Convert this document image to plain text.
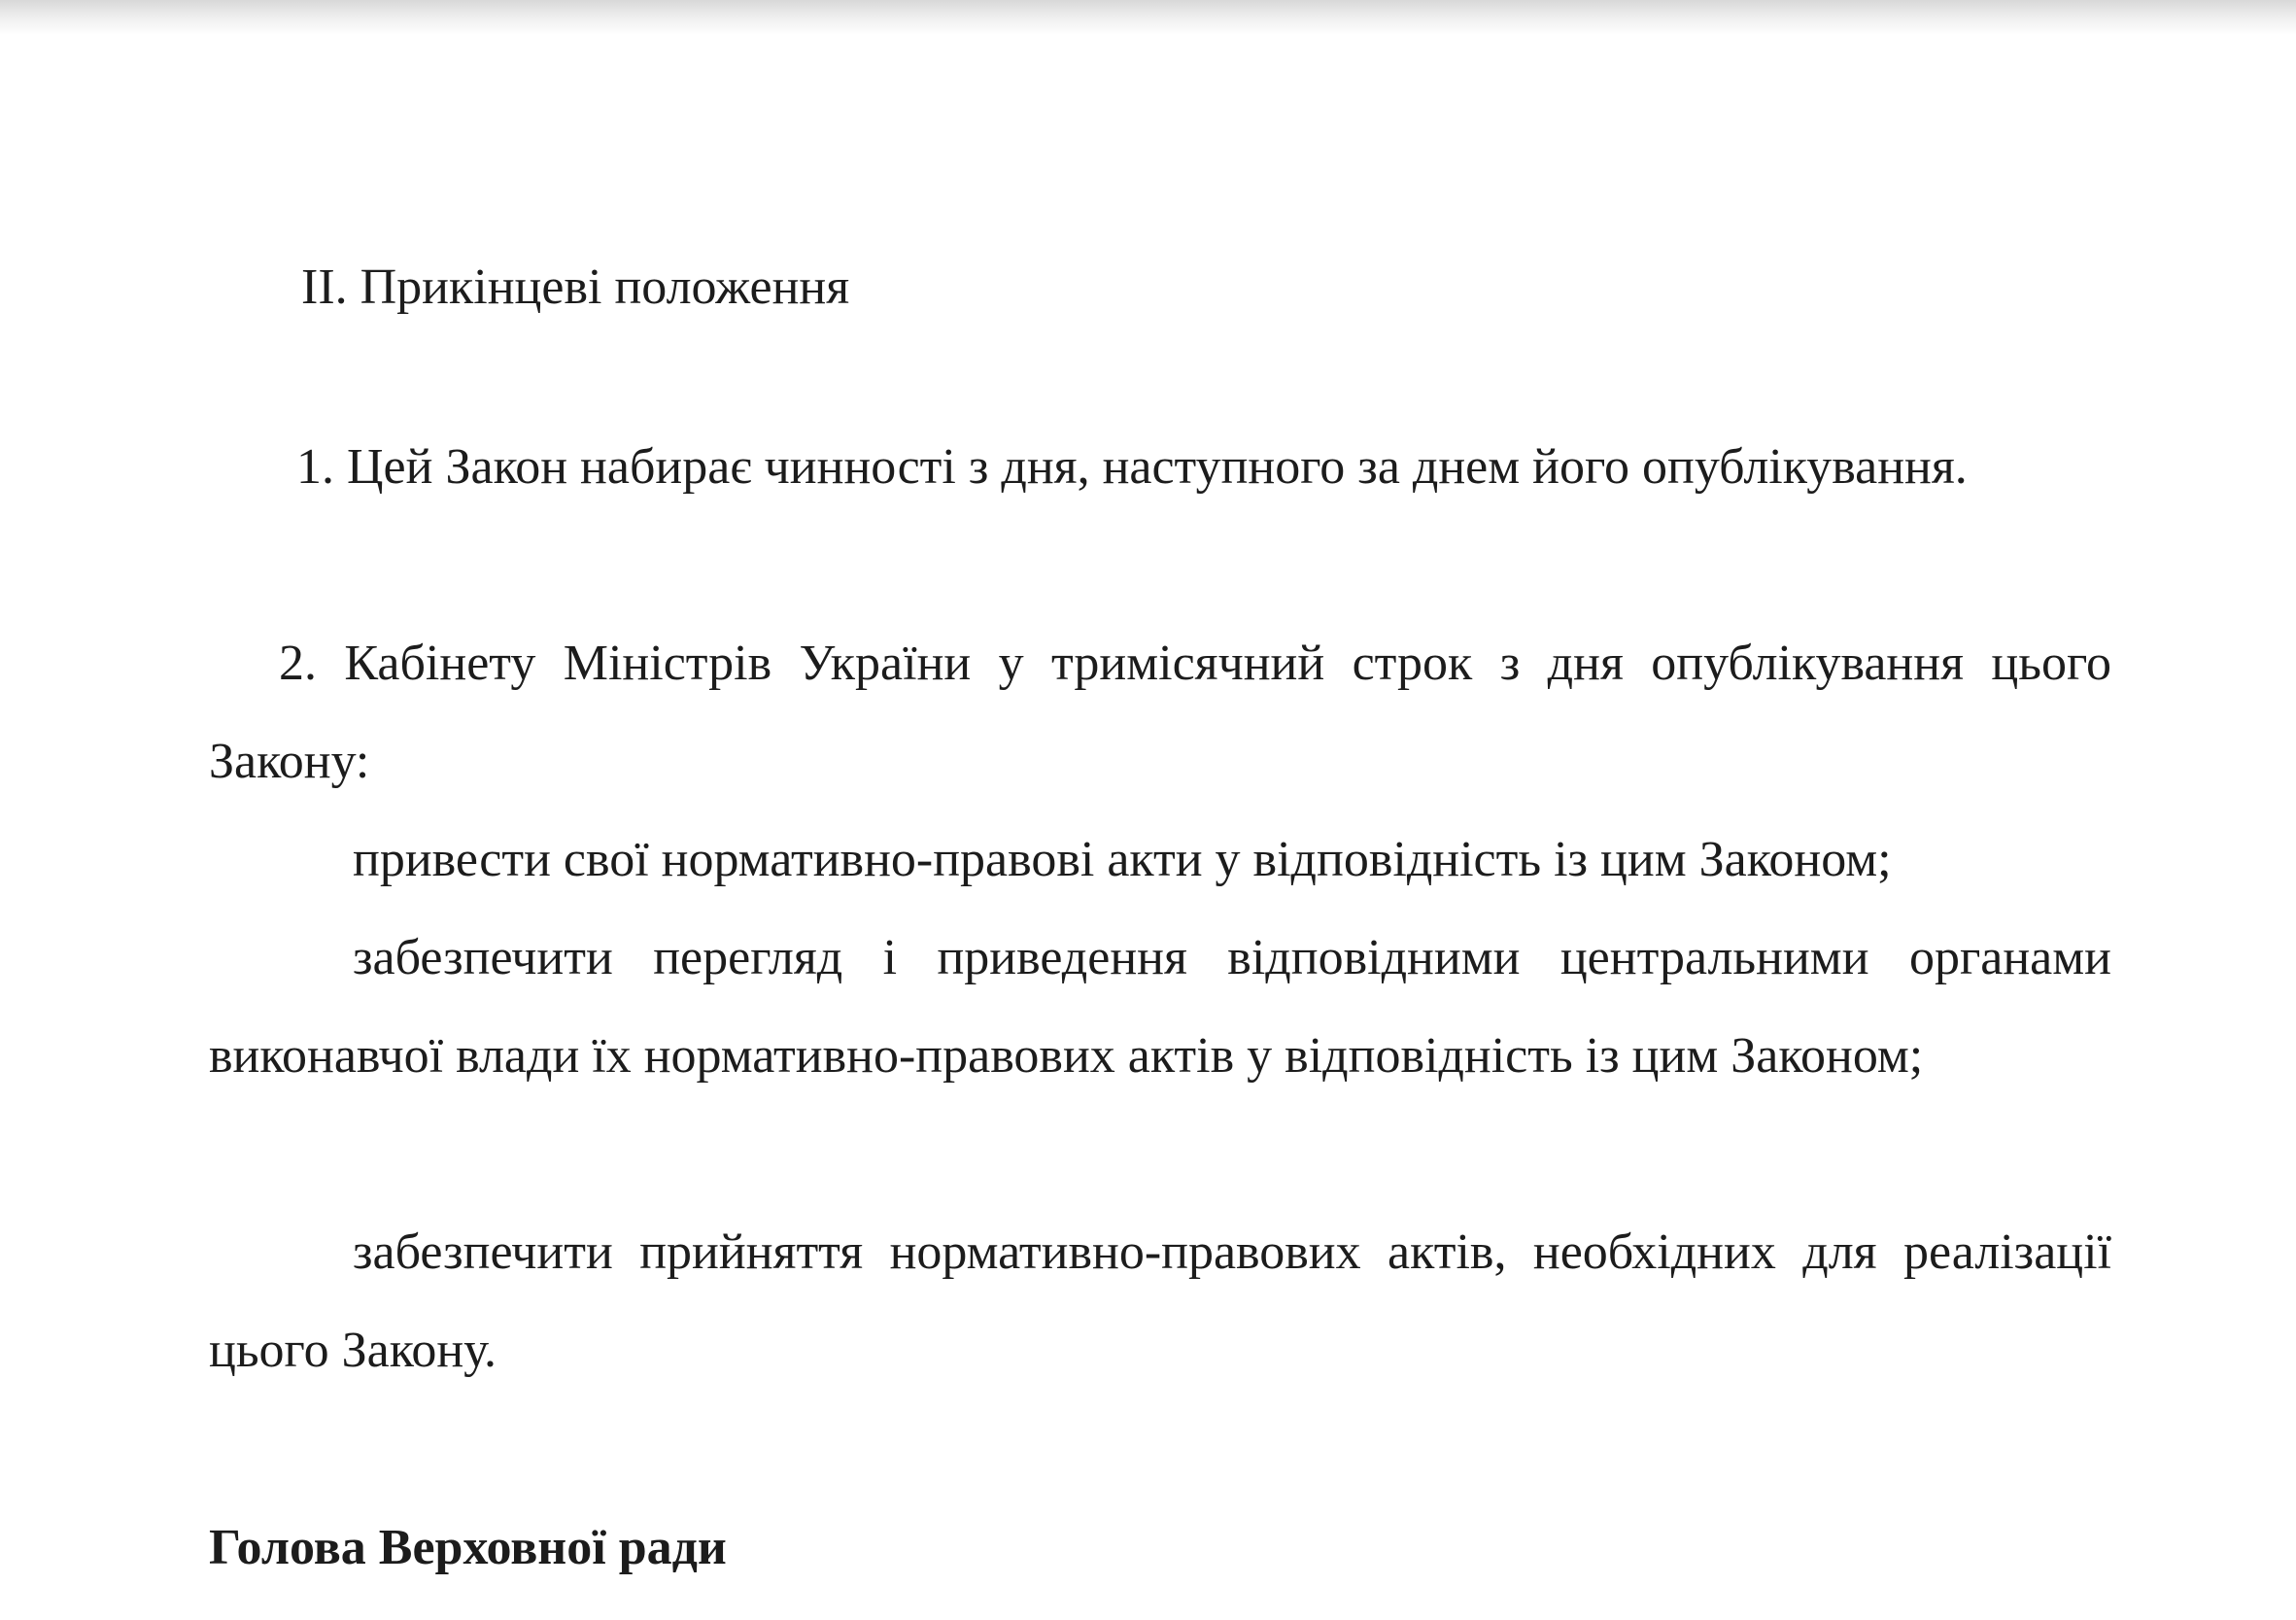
ІІ. Прикінцеві положення

1. Цей Закон набирає чинності з дня, наступного за днем його опублікування.

2. Кабінету Міністрів України у тримісячний строк з дня опублікування цього Закону:

привести свої нормативно-правові акти у відповідність із цим Законом;

забезпечити перегляд і приведення відповідними центральними органами виконавчої влади їх нормативно-правових актів у відповідність із цим Законом;

забезпечити прийняття нормативно-правових актів, необхідних для реалізації цього Закону.

Голова Верховної ради
